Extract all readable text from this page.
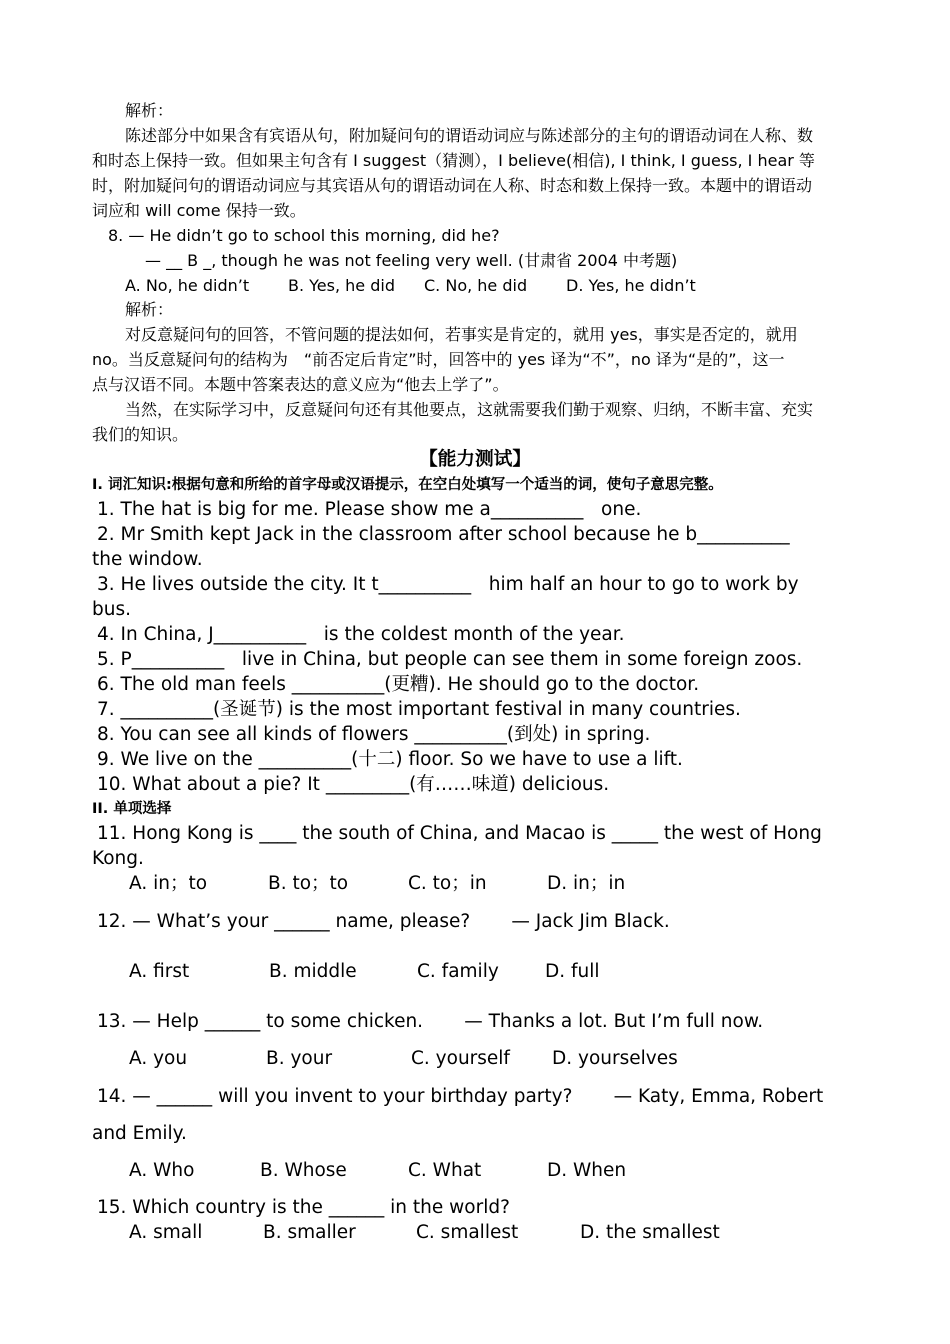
解析：
陈述部分中如果含有宾语从句，附加疑问句的谓语动词应与陈述部分的主句的谓语动词在人称、数
和时态上保持一致。但如果主句含有 I suggest（猜测），I believe(相信), I think, I guess, I hear 等
时，附加疑问句的谓语动词应与其宾语从句的谓语动词在人称、时态和数上保持一致。本题中的谓语动
词应和 will come 保持一致。
8. — He didn’t go to school this morning, did he?
— __ B _, though he was not feeling very well. (甘肃省 2004 中考题)
A. No, he didn’t B. Yes, he did C. No, he did D. Yes, he didn’t
解析：
对反意疑问句的回答，不管问题的提法如何，若事实是肯定的，就用 yes，事实是否定的，就用
no。当反意疑问句的结构为　“前否定后肯定”时，回答中的 yes 译为“不”，no 译为“是的”，这一
点与汉语不同。本题中答案表达的意义应为“他去上学了”。
当然，在实际学习中，反意疑问句还有其他要点，这就需要我们勤于观察、归纳，不断丰富、充实
我们的知识。
【能力测试】
I. 词汇知识:根据句意和所给的首字母或汉语提示，在空白处填写一个适当的词，使句子意思完整。
1. The hat is big for me. Please show me a__________   one.
2. Mr Smith kept Jack in the classroom after school because he b__________
the window.
3. He lives outside the city. It t__________   him half an hour to go to work by
bus.
4. In China, J__________   is the coldest month of the year.
5. P__________   live in China, but people can see them in some foreign zoos.
6. The old man feels __________(更糟). He should go to the doctor.
7. __________(圣诞节) is the most important festival in many countries.
8. You can see all kinds of flowers __________(到处) in spring.
9. We live on the __________(十二) floor. So we have to use a lift.
10. What about a pie? It _________(有……味道) delicious.
II. 单项选择
11. Hong Kong is ____ the south of China, and Macao is _____ the west of Hong
Kong.
A. in；to	B. to；to	C. to；in	D. in；in
12. — What’s your ______ name, please?       — Jack Jim Black.
A. first	B. middle	C. family D. full
13. — Help ______ to some chicken.       — Thanks a lot. But I’m full now.
A. you	B. your	C. yourself D. yourselves
14. — ______ will you invent to your birthday party?       — Katy, Emma, Robert
and Emily.
A. Who	B. Whose	C. What	D. When
15. Which country is the ______ in the world?
A. small	B. smaller	C. smallest	D. the smallest
